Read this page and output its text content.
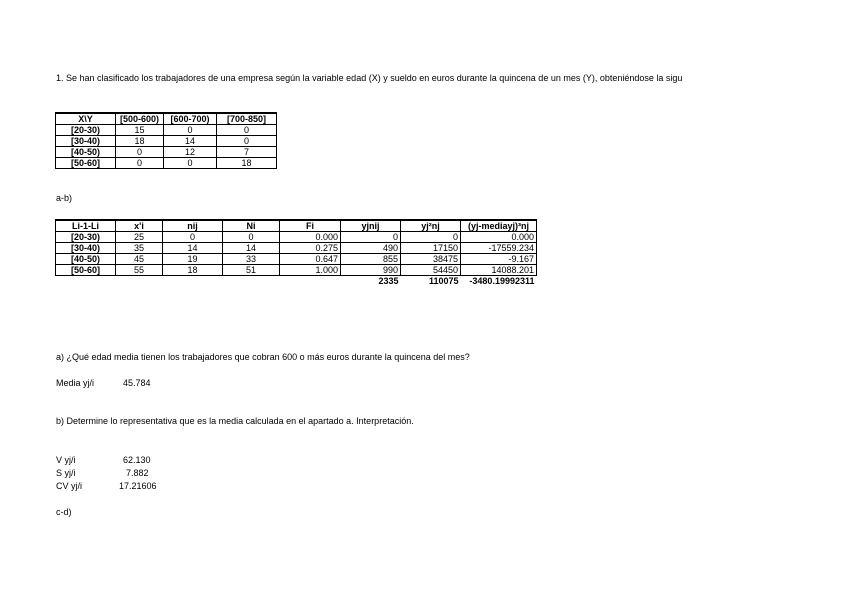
1. Se han clasificado los trabajadores de una empresa según la variable edad (X) y sueldo en euros durante la quincena de un mes (Y), obteniéndose la sigu
X\Y	[500-600)	[600-700)	[700-850]
[20-30)	15	0	0
[30-40)	18	14	0
[40-50)	0	12	7
[50-60]	0	0	18
a-b)
Li-1-Li	x'i	nij	Ni	Fi	yjnij	yj²nj	(yj-mediayj)³nj
[20-30)	25	0	0	0.000	0	0	0.000
[30-40)	35	14	14	0.275	490	17150	-17559.234
[40-50)	45	19	33	0.647	855	38475	-9.167
[50-60]	55	18	51	1.000	990	54450	14088.201
					2335	110075	-3480.19992311
a) ¿Qué edad media tienen los trabajadores que cobran 600 o más euros durante la quincena del mes?
Media yj/i	45.784
b) Determine lo representativa que es la media calculada en el apartado a. Interpretación.
V yj/i	62.130
S yj/i	7.882
CV yj/i	17.21606
c-d)
